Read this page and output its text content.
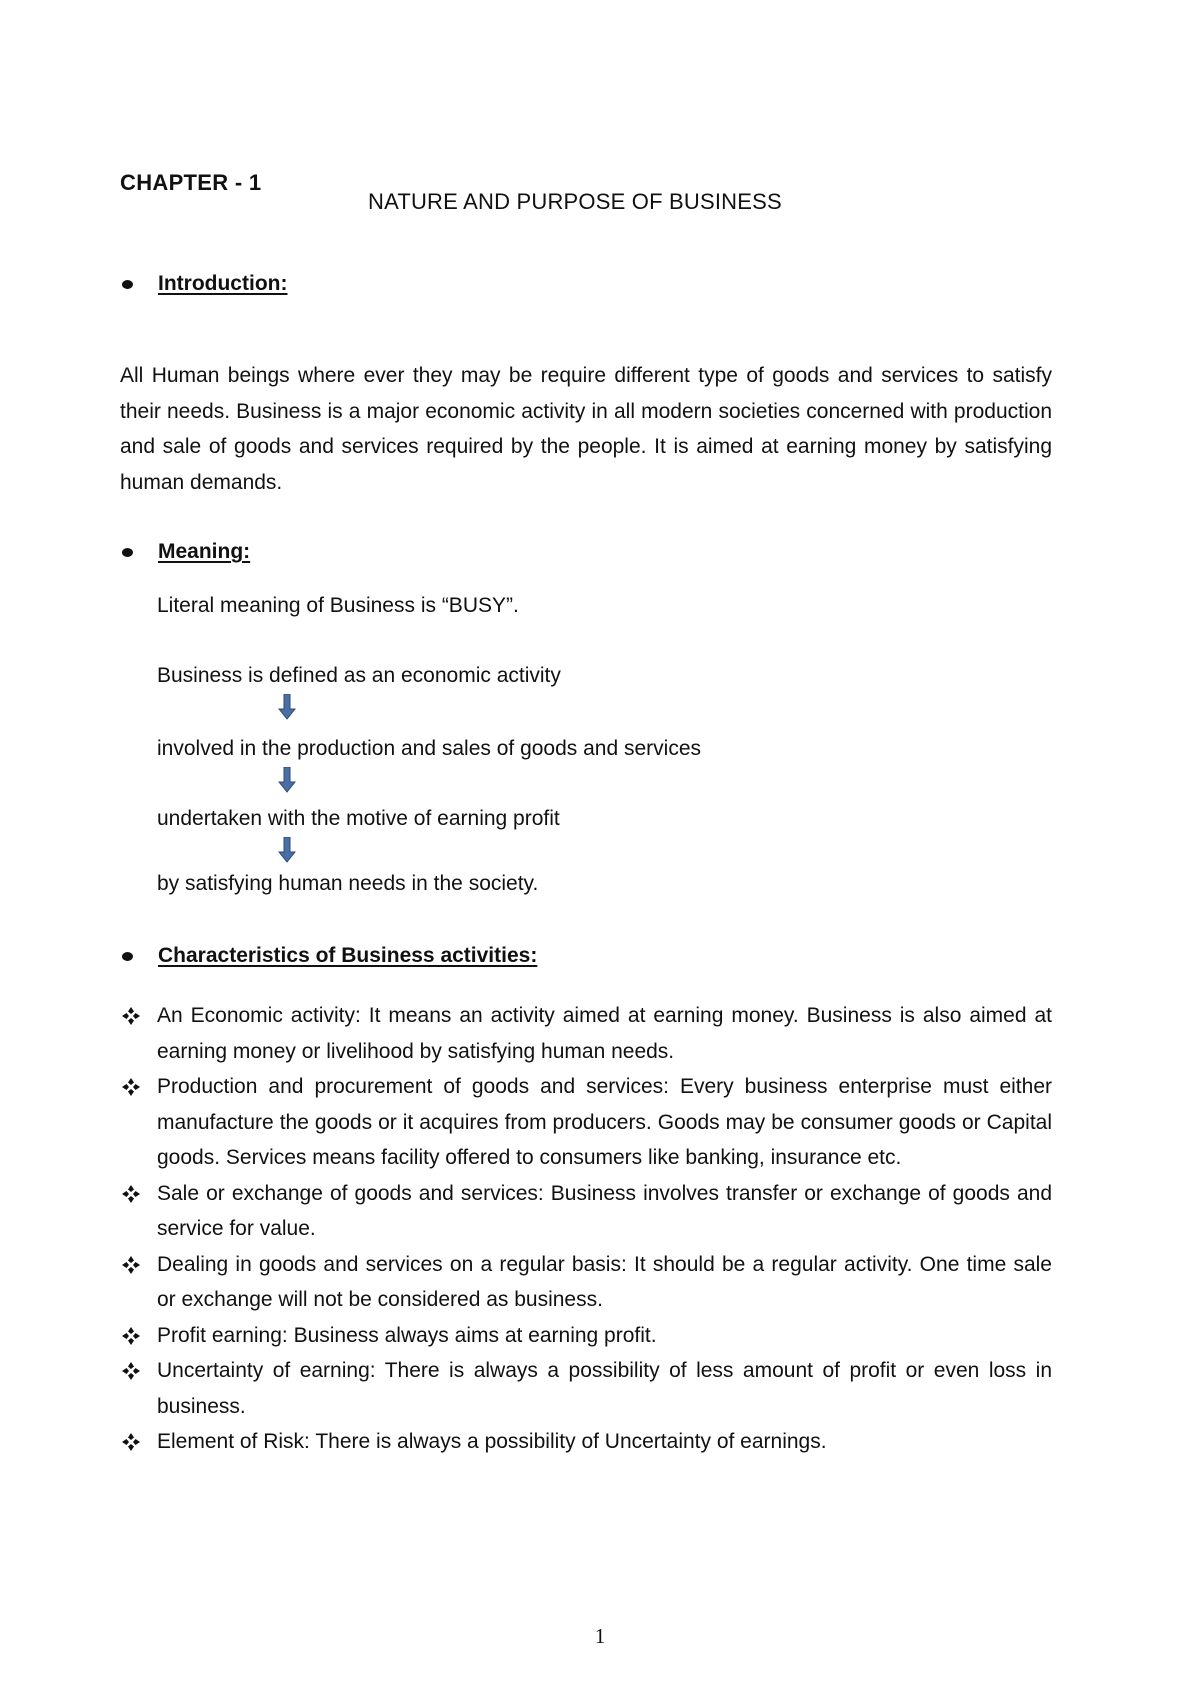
CHAPTER - 1
NATURE AND PURPOSE OF BUSINESS
Introduction:

All Human beings where ever they may be require different type of goods and services to satisfy their needs. Business is a major economic activity in all modern societies concerned with production and sale of goods and services required by the people. It is aimed at earning money by satisfying human demands.

Meaning:
Literal meaning of Business is “BUSY”.
Business is defined as an economic activity
involved in the production and sales of goods and services
undertaken with the motive of earning profit
by satisfying human needs in the society.
Characteristics of Business activities:
An Economic activity: It means an activity aimed at earning money. Business is also aimed at earning money or livelihood by satisfying human needs.
Production and procurement of goods and services: Every business enterprise must either manufacture the goods or it acquires from producers. Goods may be consumer goods or Capital goods. Services means facility offered to consumers like banking, insurance etc.
Sale or exchange of goods and services: Business involves transfer or exchange of goods and service for value.
Dealing in goods and services on a regular basis: It should be a regular activity. One time sale or exchange will not be considered as business.
Profit earning: Business always aims at earning profit.
Uncertainty of earning: There is always a possibility of less amount of profit or even loss in business.
Element of Risk: There is always a possibility of Uncertainty of earnings.
1
